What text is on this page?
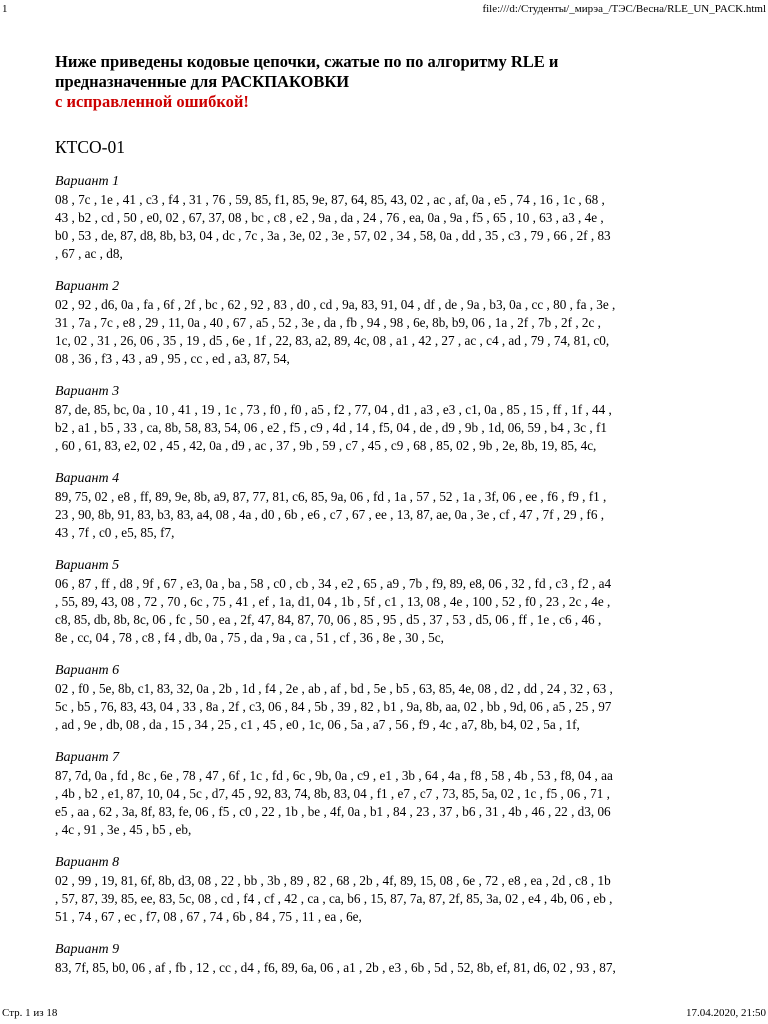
1	file:///d:/Студенты/_мирэа_/ТЭС/Весна/RLE_UN_PACK.html
Ниже приведены кодовые цепочки, сжатые по по алгоритму RLE и
предназначенные для РАСКПАКОВКИ
с исправленной ошибкой!
КТСО-01
Вариант 1
08 , 7c , 1e , 41 , c3 , f4 , 31 , 76 , 59, 85, f1, 85, 9e, 87, 64, 85, 43, 02 , ac , af, 0a , e5 , 74 , 16 , 1c , 68 ,
43 , b2 , cd , 50 , e0, 02 , 67, 37, 08 , bc , c8 , e2 , 9a , da , 24 , 76 , ea, 0a , 9a , f5 , 65 , 10 , 63 , a3 , 4e ,
b0 , 53 , de, 87, d8, 8b, b3, 04 , dc , 7c , 3a , 3e, 02 , 3e , 57, 02 , 34 , 58, 0a , dd , 35 , c3 , 79 , 66 , 2f , 83
, 67 , ac , d8,
Вариант 2
02 , 92 , d6, 0a , fa , 6f , 2f , bc , 62 , 92 , 83 , d0 , cd , 9a, 83, 91, 04 , df , de , 9a , b3, 0a , cc , 80 , fa , 3e ,
31 , 7a , 7c , e8 , 29 , 11, 0a , 40 , 67 , a5 , 52 , 3e , da , fb , 94 , 98 , 6e, 8b, b9, 06 , 1a , 2f , 7b , 2f , 2c ,
1c, 02 , 31 , 26, 06 , 35 , 19 , d5 , 6e , 1f , 22, 83, a2, 89, 4c, 08 , a1 , 42 , 27 , ac , c4 , ad , 79 , 74, 81, c0,
08 , 36 , f3 , 43 , a9 , 95 , cc , ed , a3, 87, 54,
Вариант 3
87, de, 85, bc, 0a , 10 , 41 , 19 , 1c , 73 , f0 , f0 , a5 , f2 , 77, 04 , d1 , a3 , e3 , c1, 0a , 85 , 15 , ff , 1f , 44 ,
b2 , a1 , b5 , 33 , ca, 8b, 58, 83, 54, 06 , e2 , f5 , c9 , 4d , 14 , f5, 04 , de , d9 , 9b , 1d, 06, 59 , b4 , 3c , f1
, 60 , 61, 83, e2, 02 , 45 , 42, 0a , d9 , ac , 37 , 9b , 59 , c7 , 45 , c9 , 68 , 85, 02 , 9b , 2e, 8b, 19, 85, 4c,
Вариант 4
89, 75, 02 , e8 , ff, 89, 9e, 8b, a9, 87, 77, 81, c6, 85, 9a, 06 , fd , 1a , 57 , 52 , 1a , 3f, 06 , ee , f6 , f9 , f1 ,
23 , 90, 8b, 91, 83, b3, 83, a4, 08 , 4a , d0 , 6b , e6 , c7 , 67 , ee , 13, 87, ae, 0a , 3e , cf , 47 , 7f , 29 , f6 ,
43 , 7f , c0 , e5, 85, f7,
Вариант 5
06 , 87 , ff , d8 , 9f , 67 , e3, 0a , ba , 58 , c0 , cb , 34 , e2 , 65 , a9 , 7b , f9, 89, e8, 06 , 32 , fd , c3 , f2 , a4
, 55, 89, 43, 08 , 72 , 70 , 6c , 75 , 41 , ef , 1a, d1, 04 , 1b , 5f , c1 , 13, 08 , 4e , 100 , 52 , f0 , 23 , 2c , 4e ,
c8, 85, db, 8b, 8c, 06 , fc , 50 , ea , 2f, 47, 84, 87, 70, 06 , 85 , 95 , d5 , 37 , 53 , d5, 06 , ff , 1e , c6 , 46 ,
8e , cc, 04 , 78 , c8 , f4 , db, 0a , 75 , da , 9a , ca , 51 , cf , 36 , 8e , 30 , 5c,
Вариант 6
02 , f0 , 5e, 8b, c1, 83, 32, 0a , 2b , 1d , f4 , 2e , ab , af , bd , 5e , b5 , 63, 85, 4e, 08 , d2 , dd , 24 , 32 , 63 ,
5c , b5 , 76, 83, 43, 04 , 33 , 8a , 2f , c3, 06 , 84 , 5b , 39 , 82 , b1 , 9a, 8b, aa, 02 , bb , 9d, 06 , a5 , 25 , 97
, ad , 9e , db, 08 , da , 15 , 34 , 25 , c1 , 45 , e0 , 1c, 06 , 5a , a7 , 56 , f9 , 4c , a7, 8b, b4, 02 , 5a , 1f,
Вариант 7
87, 7d, 0a , fd , 8c , 6e , 78 , 47 , 6f , 1c , fd , 6c , 9b, 0a , c9 , e1 , 3b , 64 , 4a , f8 , 58 , 4b , 53 , f8, 04 , aa
, 4b , b2 , e1, 87, 10, 04 , 5c , d7, 45 , 92, 83, 74, 8b, 83, 04 , f1 , e7 , c7 , 73, 85, 5a, 02 , 1c , f5 , 06 , 71 ,
e5 , aa , 62 , 3a, 8f, 83, fe, 06 , f5 , c0 , 22 , 1b , be , 4f, 0a , b1 , 84 , 23 , 37 , b6 , 31 , 4b , 46 , 22 , d3, 06
, 4c , 91 , 3e , 45 , b5 , eb,
Вариант 8
02 , 99 , 19, 81, 6f, 8b, d3, 08 , 22 , bb , 3b , 89 , 82 , 68 , 2b , 4f, 89, 15, 08 , 6e , 72 , e8 , ea , 2d , c8 , 1b
, 57, 87, 39, 85, ee, 83, 5c, 08 , cd , f4 , cf , 42 , ca , ca, b6 , 15, 87, 7a, 87, 2f, 85, 3a, 02 , e4 , 4b, 06 , eb ,
51 , 74 , 67 , ec , f7, 08 , 67 , 74 , 6b , 84 , 75 , 11 , ea , 6e,
Вариант 9
83, 7f, 85, b0, 06 , af , fb , 12 , cc , d4 , f6, 89, 6a, 06 , a1 , 2b , e3 , 6b , 5d , 52, 8b, ef, 81, d6, 02 , 93 , 87,
Стр. 1 из 18	17.04.2020, 21:50
